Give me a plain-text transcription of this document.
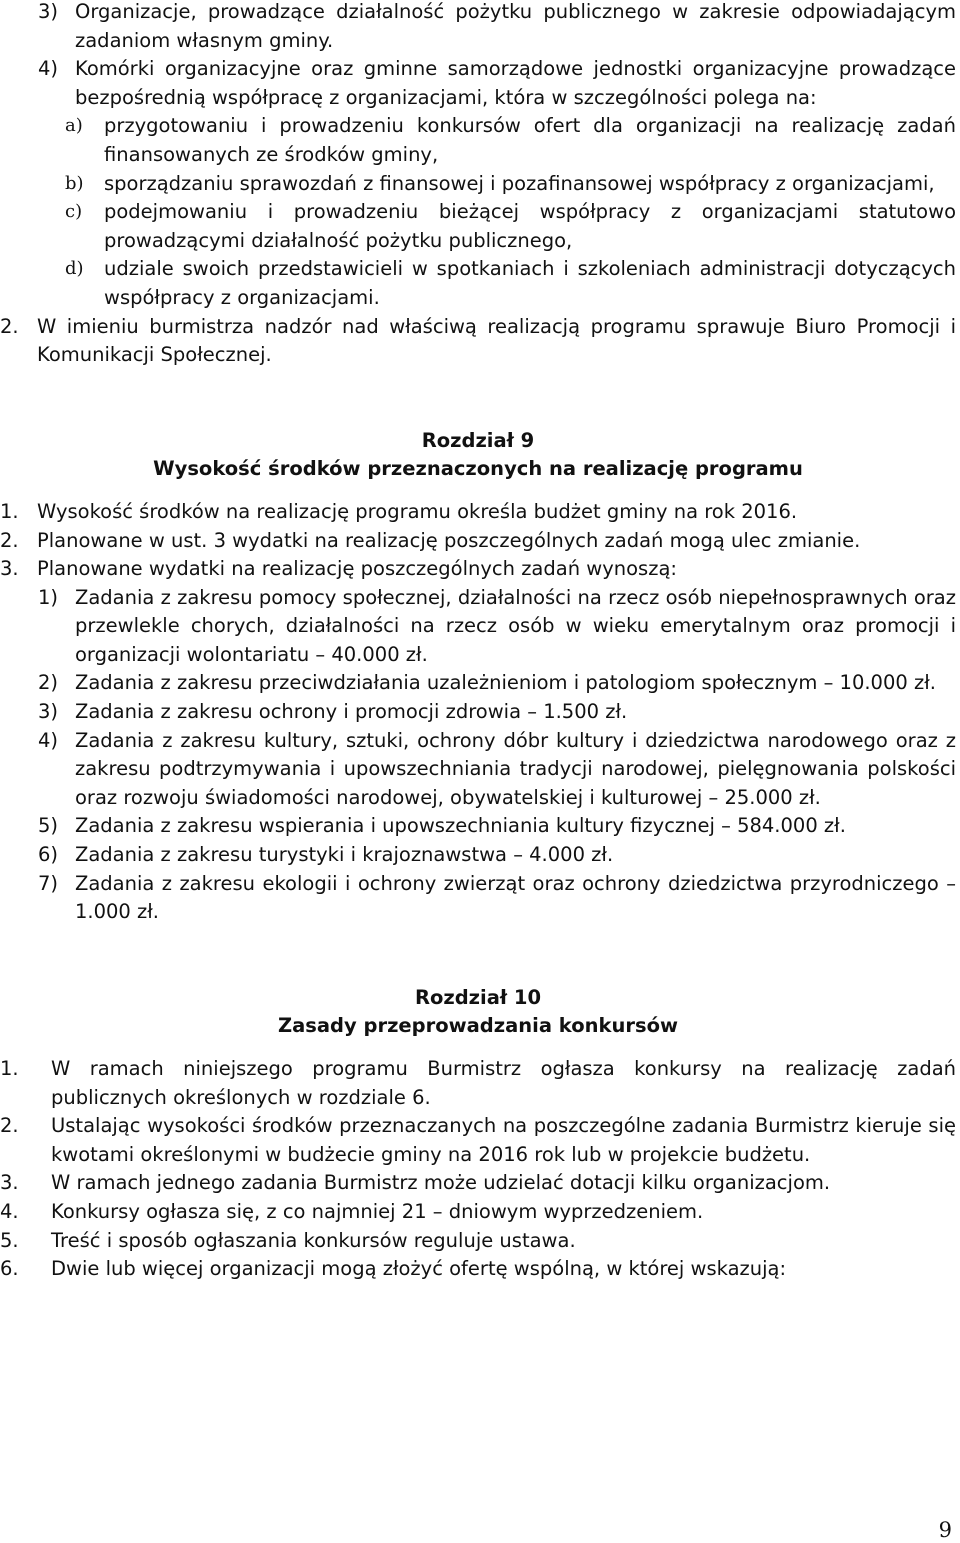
3) Organizacje, prowadzące działalność pożytku publicznego w zakresie odpowiadającym zadaniom własnym gminy.
4) Komórki organizacyjne oraz gminne samorządowe jednostki organizacyjne prowadzące bezpośrednią współpracę z organizacjami, która w szczególności polega na:
a)	przygotowaniu i prowadzeniu konkursów ofert dla organizacji na realizację zadań finansowanych ze środków gminy,
b)	sporządzaniu sprawozdań z finansowej i pozafinansowej współpracy z organizacjami,
c)	podejmowaniu i prowadzeniu bieżącej współpracy z organizacjami statutowo prowadzącymi działalność pożytku publicznego,
d)	udziale swoich przedstawicieli w spotkaniach i szkoleniach administracji dotyczących współpracy z organizacjami.
2. W imieniu burmistrza nadzór nad właściwą realizacją programu sprawuje Biuro Promocji i Komunikacji Społecznej.

Rozdział 9

Wysokość środków przeznaczonych na realizację programu

1. Wysokość środków na realizację programu określa budżet gminy na rok 2016.
2. Planowane w ust. 3 wydatki na realizację poszczególnych zadań mogą ulec zmianie.
3. Planowane wydatki na realizację poszczególnych zadań wynoszą:
1) Zadania z zakresu pomocy społecznej, działalności na rzecz osób niepełnosprawnych oraz przewlekle chorych, działalności na rzecz osób w wieku emerytalnym oraz promocji i organizacji wolontariatu – 40.000 zł.
2) Zadania z zakresu przeciwdziałania uzależnieniom i patologiom społecznym – 10.000 zł.
3) Zadania z zakresu ochrony i promocji zdrowia – 1.500 zł.
4) Zadania z zakresu kultury, sztuki, ochrony dóbr kultury i dziedzictwa narodowego oraz z zakresu podtrzymywania i upowszechniania tradycji narodowej, pielęgnowania polskości oraz rozwoju świadomości narodowej, obywatelskiej i kulturowej – 25.000 zł.
5) Zadania z zakresu wspierania i upowszechniania kultury fizycznej – 584.000 zł.
6) Zadania z zakresu turystyki i krajoznawstwa – 4.000 zł.
7) Zadania z zakresu ekologii i ochrony zwierząt oraz ochrony dziedzictwa przyrodniczego – 1.000 zł.

Rozdział 10

Zasady przeprowadzania konkursów

1.	W ramach niniejszego programu Burmistrz ogłasza konkursy na realizację zadań publicznych określonych w rozdziale 6.
2.	Ustalając wysokości środków przeznaczanych na poszczególne zadania Burmistrz kieruje się kwotami określonymi w budżecie gminy na 2016 rok lub w projekcie budżetu.
3.	W ramach jednego zadania Burmistrz może udzielać dotacji kilku organizacjom.
4.	Konkursy ogłasza się, z co najmniej 21 – dniowym wyprzedzeniem.
5.	Treść i sposób ogłaszania konkursów reguluje ustawa.
6.	Dwie lub więcej organizacji mogą złożyć ofertę wspólną, w której wskazują:
9
